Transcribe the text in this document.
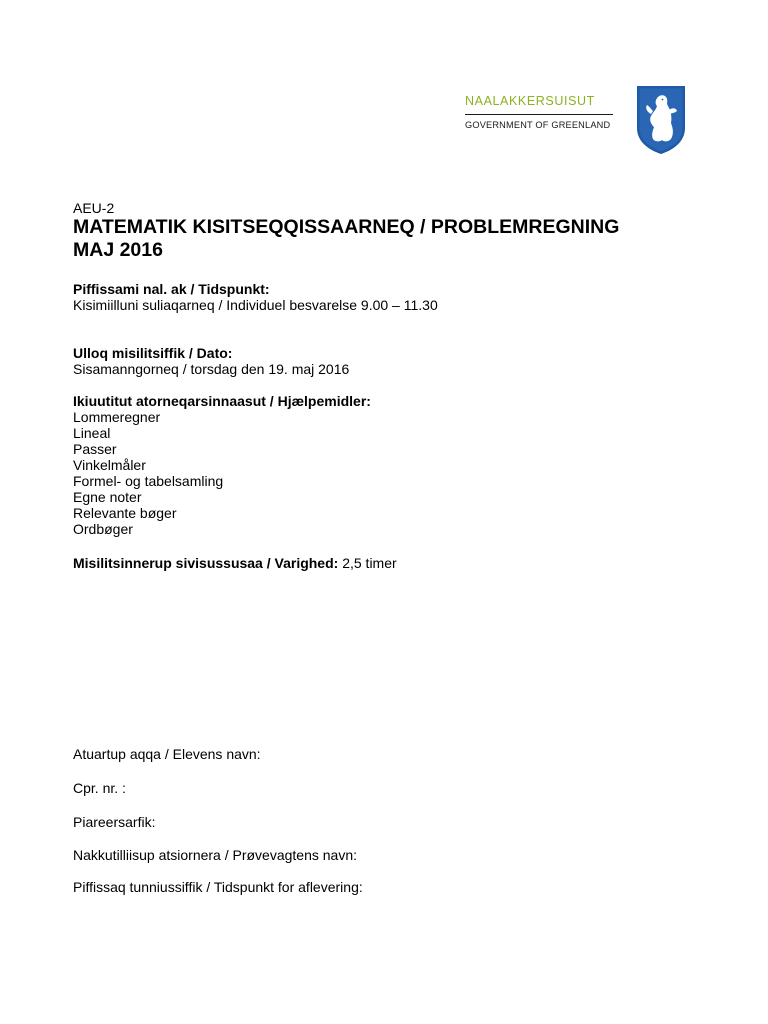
NAALAKKERSUISUT
GOVERNMENT OF GREENLAND
AEU-2
MATEMATIK KISITSEQQISSAARNEQ / PROBLEMREGNING
MAJ 2016
Piffissami nal. ak / Tidspunkt:
Kisimiilluni suliaqarneq / Individuel besvarelse 9.00 – 11.30
Ulloq misilitsiffik / Dato:
Sisamanngorneq / torsdag den 19. maj 2016
Ikiuutitut atorneqarsinnaasut / Hjælpemidler:
Lommeregner
Lineal
Passer
Vinkelmåler
Formel- og tabelsamling
Egne noter
Relevante bøger
Ordbøger
Misilitsinnerup sivisussusaa / Varighed: 2,5 timer
Atuartup aqqa / Elevens navn:
Cpr. nr. :
Piareersarfik:
Nakkutilliisup atsiornera / Prøvevagtens navn:
Piffissaq tunniussiffik / Tidspunkt for aflevering:
